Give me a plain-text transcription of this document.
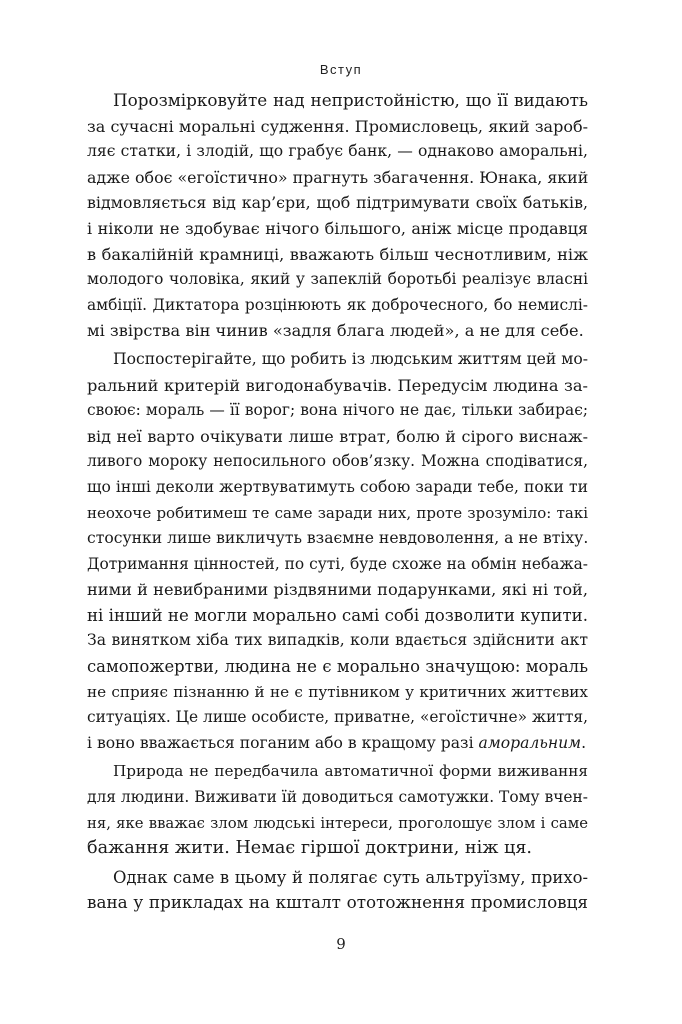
Вступ
Порозмірковуйте над непристойністю, що її видають
за сучасні моральні судження. Промисловець, який зароб-
ляє статки, і злодій, що грабує банк, — однаково аморальні,
адже обоє «егоїстично» прагнуть збагачення. Юнака, який
відмовляється від кар’єри, щоб підтримувати своїх батьків,
і ніколи не здобуває нічого більшого, аніж місце продавця
в бакалійній крамниці, вважають більш чеснотливим, ніж
молодого чоловіка, який у запеклій боротьбі реалізує власні
амбіції. Диктатора розцінюють як доброчесного, бо немислі-
мі звірства він чинив «задля блага людей», а не для себе.
Поспостерігайте, що робить із людським життям цей мо-
ральний критерій вигодонабувачів. Передусім людина за-
своює: мораль — її ворог; вона нічого не дає, тільки забирає;
від неї варто очікувати лише втрат, болю й сірого виснаж-
ливого мороку непосильного обов’язку. Можна сподіватися,
що інші деколи жертвуватимуть собою заради тебе, поки ти
неохоче робитимеш те саме заради них, проте зрозуміло: такі
стосунки лише викличуть взаємне невдоволення, а не втіху.
Дотримання цінностей, по суті, буде схоже на обмін небажа-
ними й невибраними різдвяними подарунками, які ні той,
ні інший не могли морально самі собі дозволити купити.
За винятком хіба тих випадків, коли вдається здійснити акт
самопожертви, людина не є морально значущою: мораль
не сприяє пізнанню й не є путівником у критичних життєвих
ситуаціях. Це лише особисте, приватне, «егоїстичне» життя,
і воно вважається поганим або в кращому разі аморальним.
Природа не передбачила автоматичної форми виживання
для людини. Виживати їй доводиться самотужки. Тому вчен-
ня, яке вважає злом людські інтереси, проголошує злом і саме
бажання жити. Немає гіршої доктрини, ніж ця.
Однак саме в цьому й полягає суть альтруїзму, прихо-
вана у прикладах на кшталт ототожнення промисловця
9
